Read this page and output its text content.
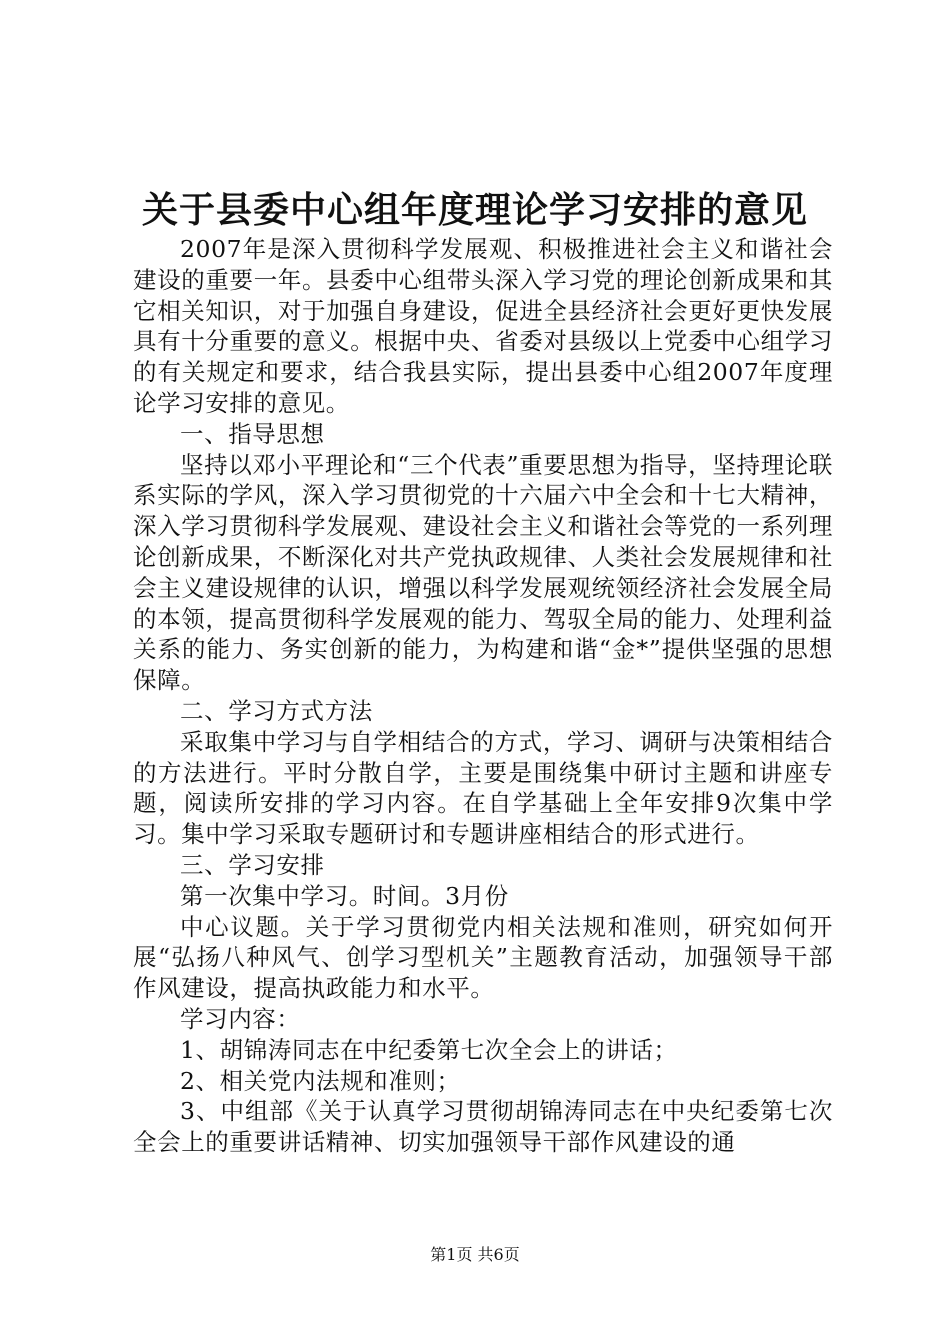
关于县委中心组年度理论学习安排的意见

2007年是深入贯彻科学发展观、积极推进社会主义和谐社会建设的重要一年。县委中心组带头深入学习党的理论创新成果和其它相关知识，对于加强自身建设，促进全县经济社会更好更快发展具有十分重要的意义。根据中央、省委对县级以上党委中心组学习的有关规定和要求，结合我县实际，提出县委中心组2007年度理论学习安排的意见。

一、指导思想

坚持以邓小平理论和“三个代表”重要思想为指导，坚持理论联系实际的学风，深入学习贯彻党的十六届六中全会和十七大精神，深入学习贯彻科学发展观、建设社会主义和谐社会等党的一系列理论创新成果，不断深化对共产党执政规律、人类社会发展规律和社会主义建设规律的认识，增强以科学发展观统领经济社会发展全局的本领，提高贯彻科学发展观的能力、驾驭全局的能力、处理利益关系的能力、务实创新的能力，为构建和谐“金*”提供坚强的思想保障。

二、学习方式方法

采取集中学习与自学相结合的方式，学习、调研与决策相结合的方法进行。平时分散自学，主要是围绕集中研讨主题和讲座专题，阅读所安排的学习内容。在自学基础上全年安排9次集中学习。集中学习采取专题研讨和专题讲座相结合的形式进行。

三、学习安排

第一次集中学习。时间。3月份

中心议题。关于学习贯彻党内相关法规和准则，研究如何开展“弘扬八种风气、创学习型机关”主题教育活动，加强领导干部作风建设，提高执政能力和水平。

学习内容：

1、胡锦涛同志在中纪委第七次全会上的讲话；

2、相关党内法规和准则；

3、中组部《关于认真学习贯彻胡锦涛同志在中央纪委第七次全会上的重要讲话精神、切实加强领导干部作风建设的通

第1页 共6页
